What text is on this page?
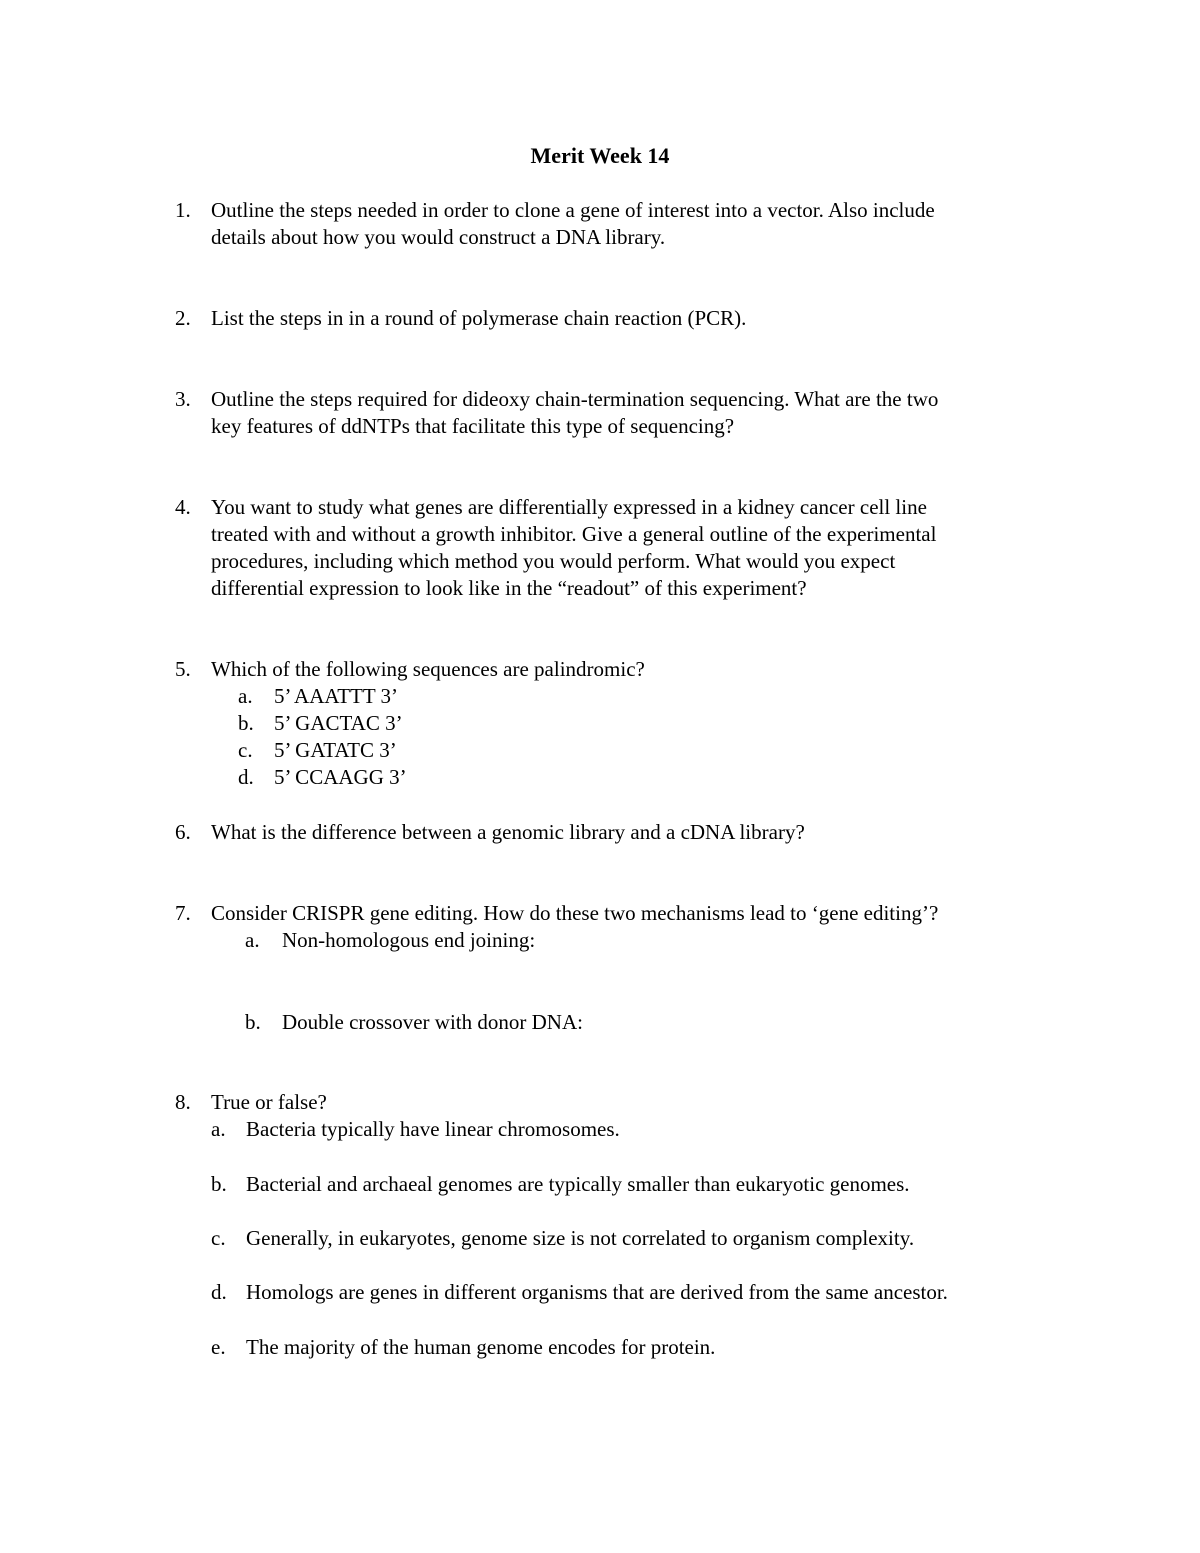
Merit Week 14
1. Outline the steps needed in order to clone a gene of interest into a vector. Also include
details about how you would construct a DNA library.
2. List the steps in in a round of polymerase chain reaction (PCR).
3. Outline the steps required for dideoxy chain-termination sequencing. What are the two
key features of ddNTPs that facilitate this type of sequencing?
4. You want to study what genes are differentially expressed in a kidney cancer cell line
treated with and without a growth inhibitor. Give a general outline of the experimental
procedures, including which method you would perform. What would you expect
differential expression to look like in the “readout” of this experiment?
5. Which of the following sequences are palindromic?
a. 5’ AAATTT 3’
b. 5’ GACTAC 3’
c. 5’ GATATC 3’
d. 5’ CCAAGG 3’
6. What is the difference between a genomic library and a cDNA library?
7. Consider CRISPR gene editing. How do these two mechanisms lead to ‘gene editing’?
a. Non-homologous end joining:
b. Double crossover with donor DNA:
8. True or false?
a. Bacteria typically have linear chromosomes.
b. Bacterial and archaeal genomes are typically smaller than eukaryotic genomes.
c. Generally, in eukaryotes, genome size is not correlated to organism complexity.
d. Homologs are genes in different organisms that are derived from the same ancestor.
e. The majority of the human genome encodes for protein.
